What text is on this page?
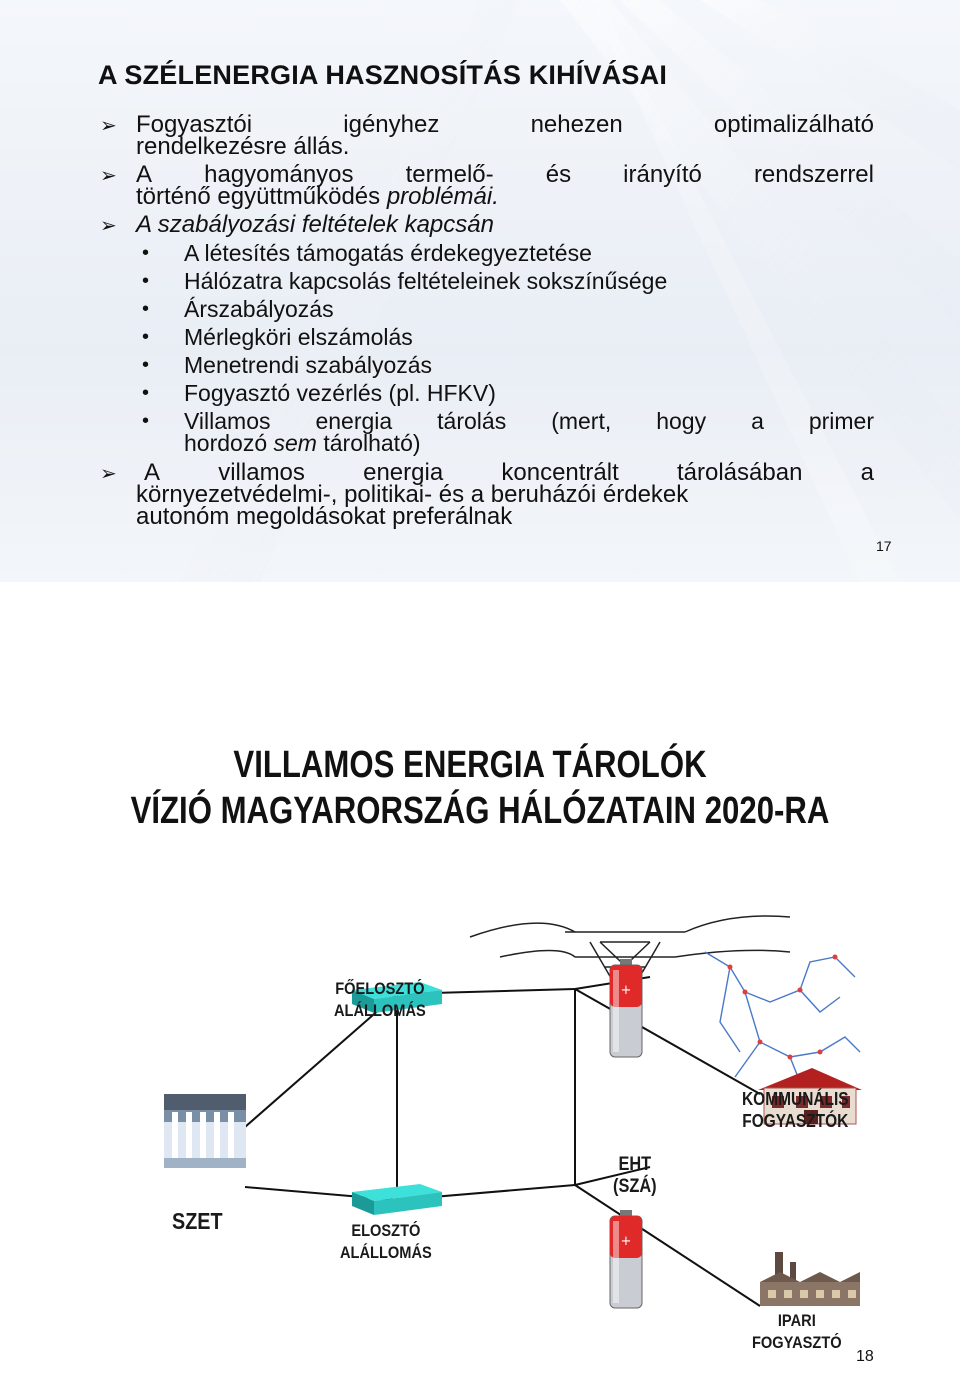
A SZÉLENERGIA HASZNOSÍTÁS KIHÍVÁSAI
➢ Fogyasztói	igényhez	nehezen	optimalizálható
rendelkezésre állás.
➢ A hagyományos termelő- és irányító rendszerrel
történő együttműködés problémái.
➢ A szabályozási feltételek kapcsán
• A létesítés támogatás érdekegyeztetése
• Hálózatra kapcsolás feltételeinek sokszínűsége
• Árszabályozás
• Mérlegköri elszámolás
• Menetrendi szabályozás
• Fogyasztó vezérlés (pl. HFKV)
• Villamos energia tárolás (mert, hogy a primer
hordozó sem tárolható)
➢ A villamos energia koncentrált tárolásában a
környezetvédelmi-, politikai- és a beruházói érdekek
autonóm megoldásokat preferálnak
17
VILLAMOS ENERGIA TÁROLÓK
VÍZIÓ MAGYARORSZÁG HÁLÓZATAIN 2020-RA
+
+
FŐELOSZTÓ
ALÁLLOMÁS
SZET	ELOSZTÓ
ALÁLLOMÁS
EHT
(SZÁ)
KOMMUNÁLIS
FOGYASZTÓK
IPARI
FOGYASZTÓ
18
